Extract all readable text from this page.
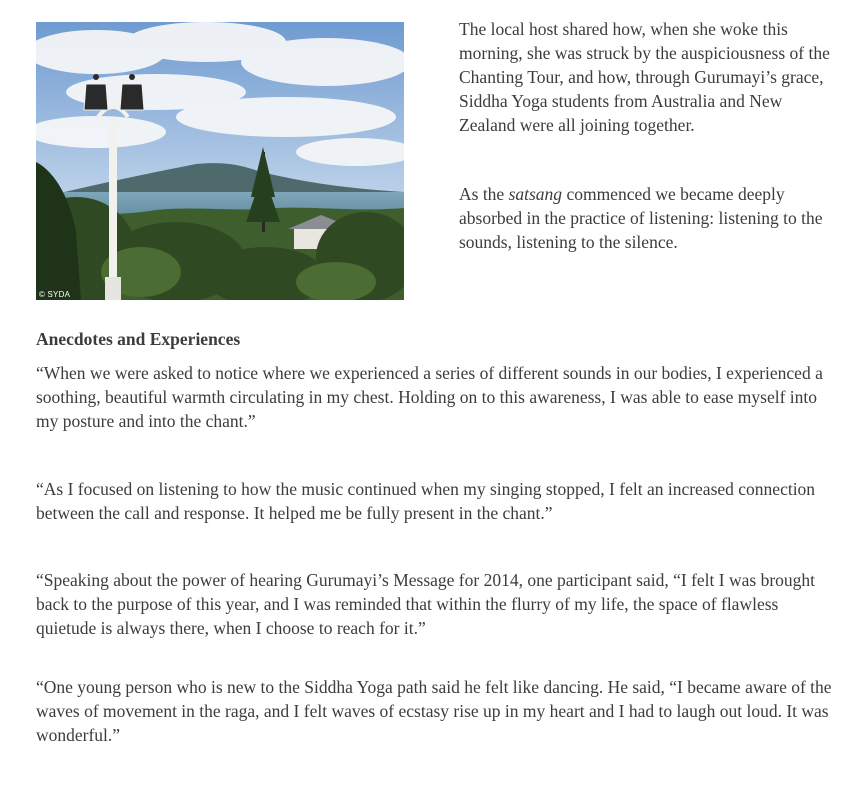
© SYDA

The local host shared how, when she woke this morning, she was struck by the auspiciousness of the Chanting Tour, and how, through Gurumayi’s grace, Siddha Yoga students from Australia and New Zealand were all joining together.

As the satsang commenced we became deeply absorbed in the practice of listening: listening to the sounds, listening to the silence.

Anecdotes and Experiences

“When we were asked to notice where we experienced a series of different sounds in our bodies, I experienced a soothing, beautiful warmth circulating in my chest. Holding on to this awareness, I was able to ease myself into my posture and into the chant.”

“As I focused on listening to how the music continued when my singing stopped, I felt an increased connection between the call and response. It helped me be fully present in the chant.”

“Speaking about the power of hearing Gurumayi’s Message for 2014, one participant said, “I felt I was brought back to the purpose of this year, and I was reminded that within the flurry of my life, the space of flawless quietude is always there, when I choose to reach for it.”

“One young person who is new to the Siddha Yoga path said he felt like dancing. He said, “I became aware of the waves of movement in the raga, and I felt waves of ecstasy rise up in my heart and I had to laugh out loud. It was wonderful.”
